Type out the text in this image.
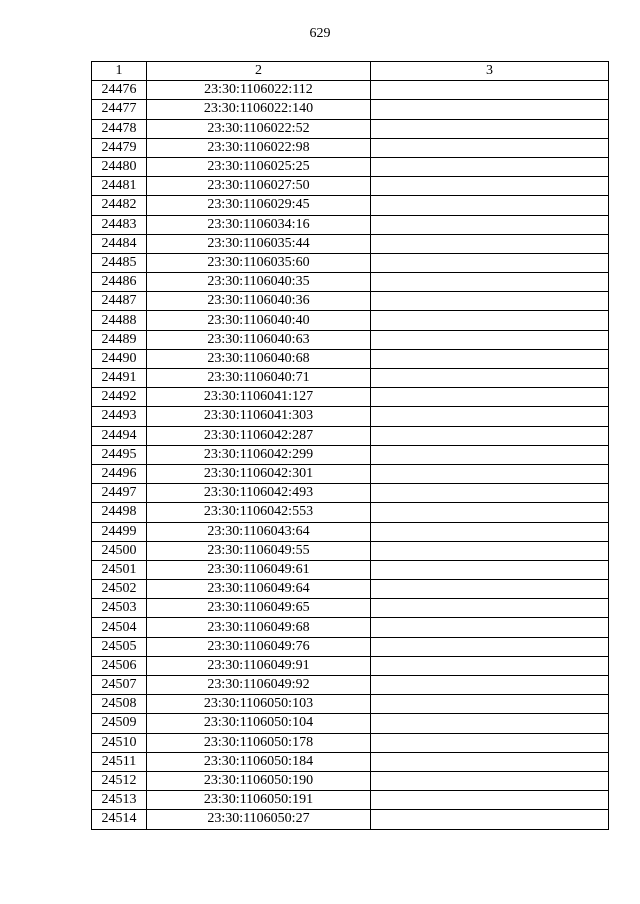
629
1	2	3
24476	23:30:1106022:112	
24477	23:30:1106022:140	
24478	23:30:1106022:52	
24479	23:30:1106022:98	
24480	23:30:1106025:25	
24481	23:30:1106027:50	
24482	23:30:1106029:45	
24483	23:30:1106034:16	
24484	23:30:1106035:44	
24485	23:30:1106035:60	
24486	23:30:1106040:35	
24487	23:30:1106040:36	
24488	23:30:1106040:40	
24489	23:30:1106040:63	
24490	23:30:1106040:68	
24491	23:30:1106040:71	
24492	23:30:1106041:127	
24493	23:30:1106041:303	
24494	23:30:1106042:287	
24495	23:30:1106042:299	
24496	23:30:1106042:301	
24497	23:30:1106042:493	
24498	23:30:1106042:553	
24499	23:30:1106043:64	
24500	23:30:1106049:55	
24501	23:30:1106049:61	
24502	23:30:1106049:64	
24503	23:30:1106049:65	
24504	23:30:1106049:68	
24505	23:30:1106049:76	
24506	23:30:1106049:91	
24507	23:30:1106049:92	
24508	23:30:1106050:103	
24509	23:30:1106050:104	
24510	23:30:1106050:178	
24511	23:30:1106050:184	
24512	23:30:1106050:190	
24513	23:30:1106050:191	
24514	23:30:1106050:27	
